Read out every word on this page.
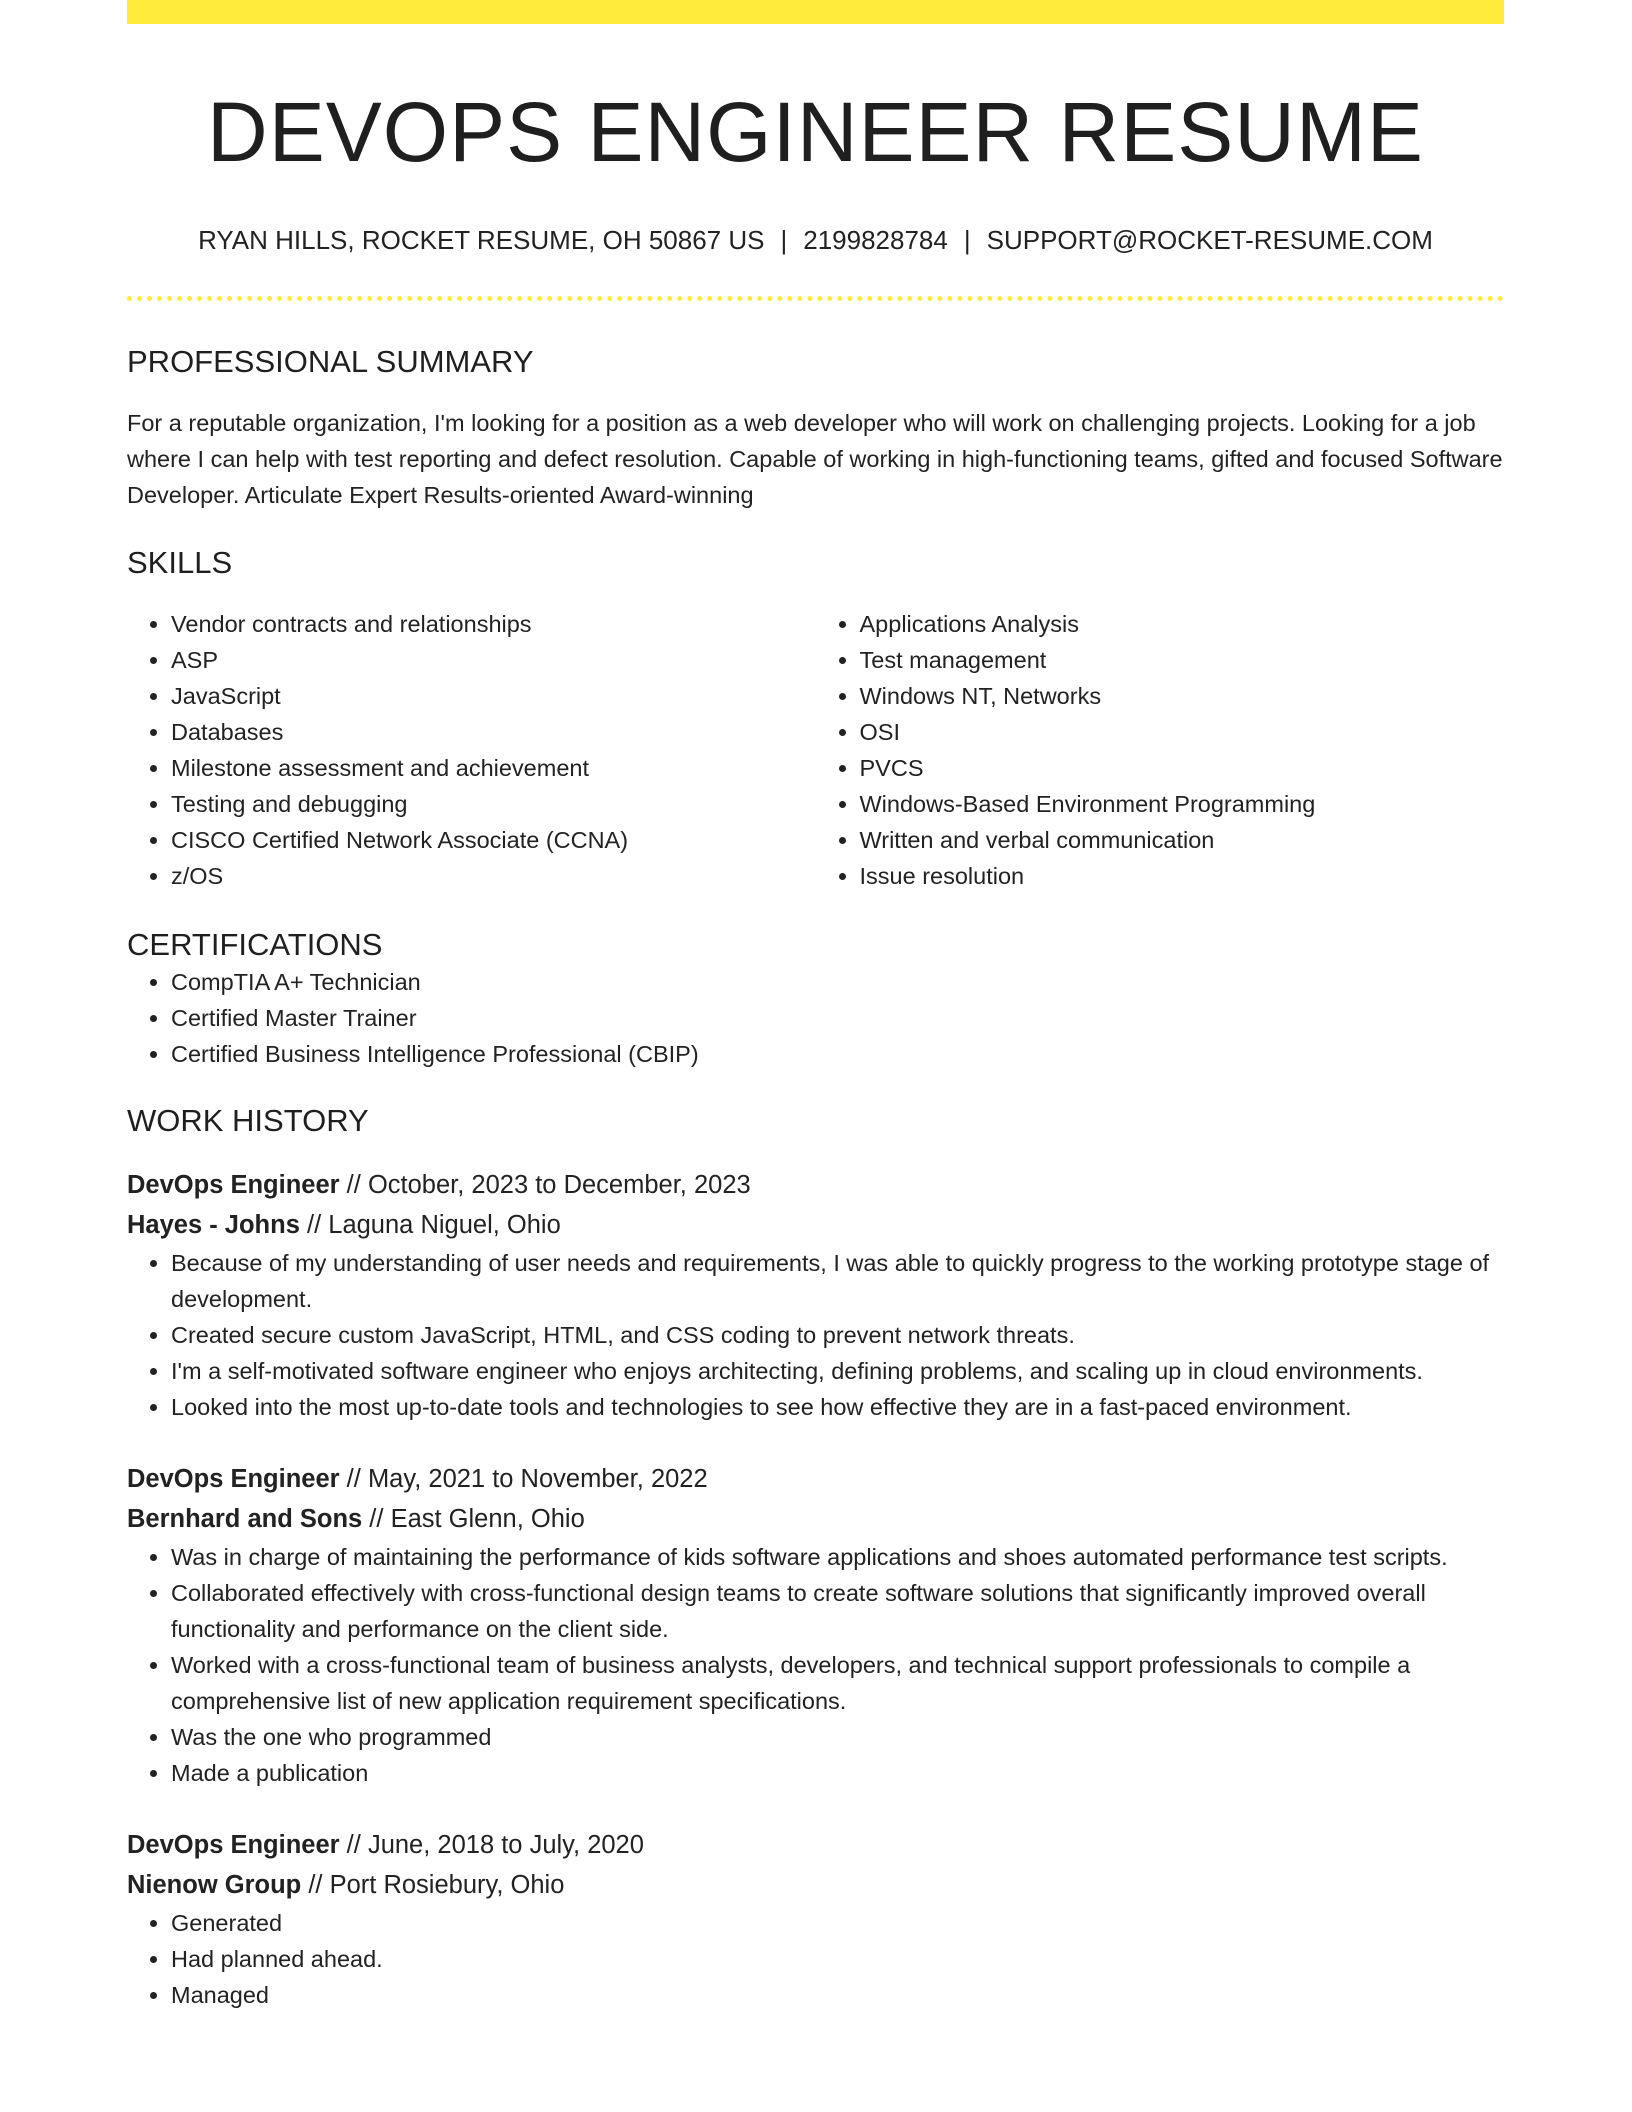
DEVOPS ENGINEER RESUME
RYAN HILLS, ROCKET RESUME, OH 50867 US | 2199828784 | SUPPORT@ROCKET-RESUME.COM
PROFESSIONAL SUMMARY
For a reputable organization, I'm looking for a position as a web developer who will work on challenging projects. Looking for a job where I can help with test reporting and defect resolution. Capable of working in high-functioning teams, gifted and focused Software Developer. Articulate Expert Results-oriented Award-winning
SKILLS
• Vendor contracts and relationships
• ASP
• JavaScript
• Databases
• Milestone assessment and achievement
• Testing and debugging
• CISCO Certified Network Associate (CCNA)
• z/OS
• Applications Analysis
• Test management
• Windows NT, Networks
• OSI
• PVCS
• Windows-Based Environment Programming
• Written and verbal communication
• Issue resolution
CERTIFICATIONS
• CompTIA A+ Technician
• Certified Master Trainer
• Certified Business Intelligence Professional (CBIP)
WORK HISTORY
DevOps Engineer // October, 2023 to December, 2023
Hayes - Johns // Laguna Niguel, Ohio
• Because of my understanding of user needs and requirements, I was able to quickly progress to the working prototype stage of development.
• Created secure custom JavaScript, HTML, and CSS coding to prevent network threats.
• I'm a self-motivated software engineer who enjoys architecting, defining problems, and scaling up in cloud environments.
• Looked into the most up-to-date tools and technologies to see how effective they are in a fast-paced environment.
DevOps Engineer // May, 2021 to November, 2022
Bernhard and Sons // East Glenn, Ohio
• Was in charge of maintaining the performance of kids software applications and shoes automated performance test scripts.
• Collaborated effectively with cross-functional design teams to create software solutions that significantly improved overall functionality and performance on the client side.
• Worked with a cross-functional team of business analysts, developers, and technical support professionals to compile a comprehensive list of new application requirement specifications.
• Was the one who programmed
• Made a publication
DevOps Engineer // June, 2018 to July, 2020
Nienow Group // Port Rosiebury, Ohio
• Generated
• Had planned ahead.
• Managed
